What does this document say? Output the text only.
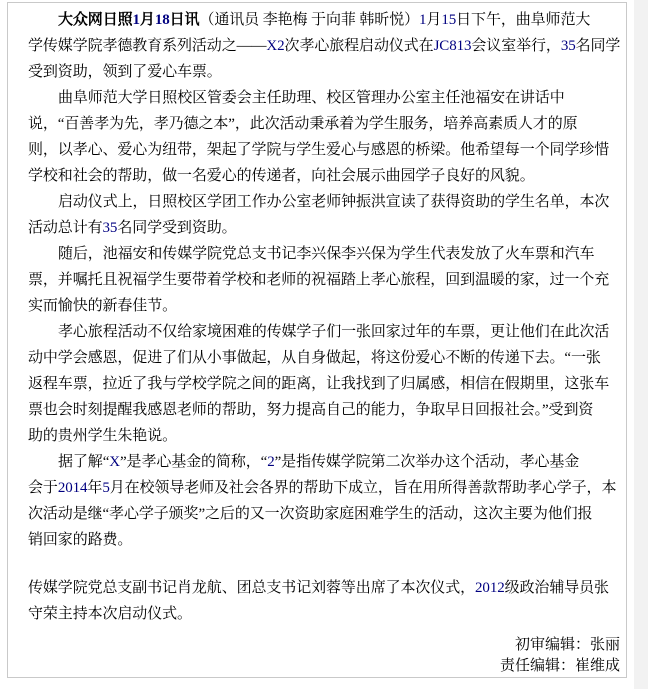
大众网日照1月18日讯（通讯员 李艳梅 于向菲 韩昕悦）1月15日下午，曲阜师范大
学传媒学院孝德教育系列活动之——X2次孝心旅程启动仪式在JC813会议室举行，35名同学
受到资助，领到了爱心车票。

曲阜师范大学日照校区管委会主任助理、校区管理办公室主任池福安在讲话中
说，“百善孝为先，孝乃德之本”，此次活动秉承着为学生服务，培养高素质人才的原
则，以孝心、爱心为纽带，架起了学院与学生爱心与感恩的桥梁。他希望每一个同学珍惜
学校和社会的帮助，做一名爱心的传递者，向社会展示曲园学子良好的风貌。

启动仪式上，日照校区学团工作办公室老师钟振洪宣读了获得资助的学生名单，本次
活动总计有35名同学受到资助。

随后，池福安和传媒学院党总支书记李兴保李兴保为学生代表发放了火车票和汽车
票，并嘱托且祝福学生要带着学校和老师的祝福踏上孝心旅程，回到温暖的家，过一个充
实而愉快的新春佳节。

孝心旅程活动不仅给家境困难的传媒学子们一张回家过年的车票，更让他们在此次活
动中学会感恩，促进了们从小事做起，从自身做起，将这份爱心不断的传递下去。“一张
返程车票，拉近了我与学校学院之间的距离，让我找到了归属感，相信在假期里，这张车
票也会时刻提醒我感恩老师的帮助，努力提高自己的能力，争取早日回报社会。”受到资
助的贵州学生朱艳说。

据了解“X”是孝心基金的简称，“2”是指传媒学院第二次举办这个活动，孝心基金
会于2014年5月在校领导老师及社会各界的帮助下成立，旨在用所得善款帮助孝心学子，本
次活动是继“孝心学子颁奖”之后的又一次资助家庭困难学生的活动，这次主要为他们报
销回家的路费。

传媒学院党总支副书记肖龙航、团总支书记刘蓉等出席了本次仪式，2012级政治辅导员张
守荣主持本次启动仪式。

初审编辑：张丽
责任编辑：崔维成
